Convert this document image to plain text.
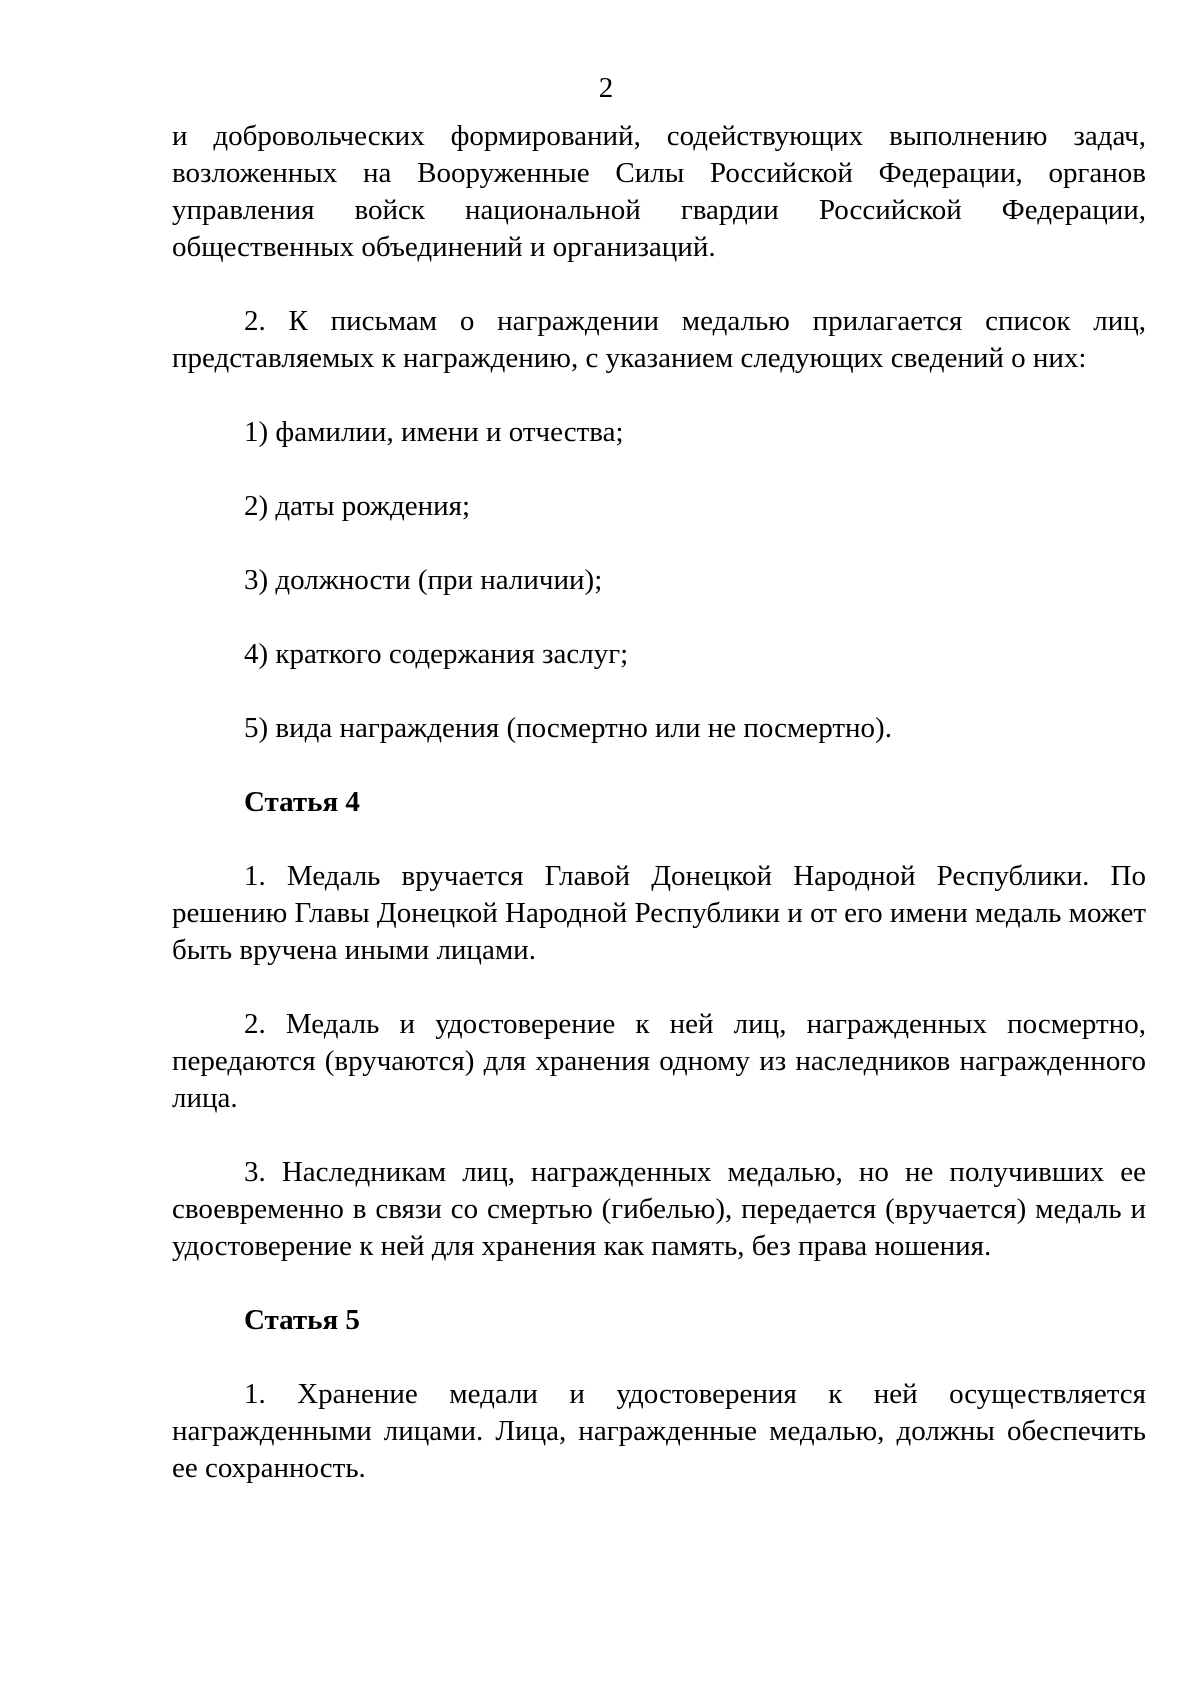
2

и добровольческих формирований, содействующих выполнению задач, возложенных на Вооруженные Силы Российской Федерации, органов управления войск национальной гвардии Российской Федерации, общественных объединений и организаций.

2. К письмам о награждении медалью прилагается список лиц, представляемых к награждению, с указанием следующих сведений о них:

1) фамилии, имени и отчества;

2) даты рождения;

3) должности (при наличии);

4) краткого содержания заслуг;

5) вида награждения (посмертно или не посмертно).

Статья 4

1. Медаль вручается Главой Донецкой Народной Республики. По решению Главы Донецкой Народной Республики и от его имени медаль может быть вручена иными лицами.

2. Медаль и удостоверение к ней лиц, награжденных посмертно, передаются (вручаются) для хранения одному из наследников награжденного лица.

3. Наследникам лиц, награжденных медалью, но не получивших ее своевременно в связи со смертью (гибелью), передается (вручается) медаль и удостоверение к ней для хранения как память, без права ношения.

Статья 5

1. Хранение медали и удостоверения к ней осуществляется награжденными лицами. Лица, награжденные медалью, должны обеспечить ее сохранность.
